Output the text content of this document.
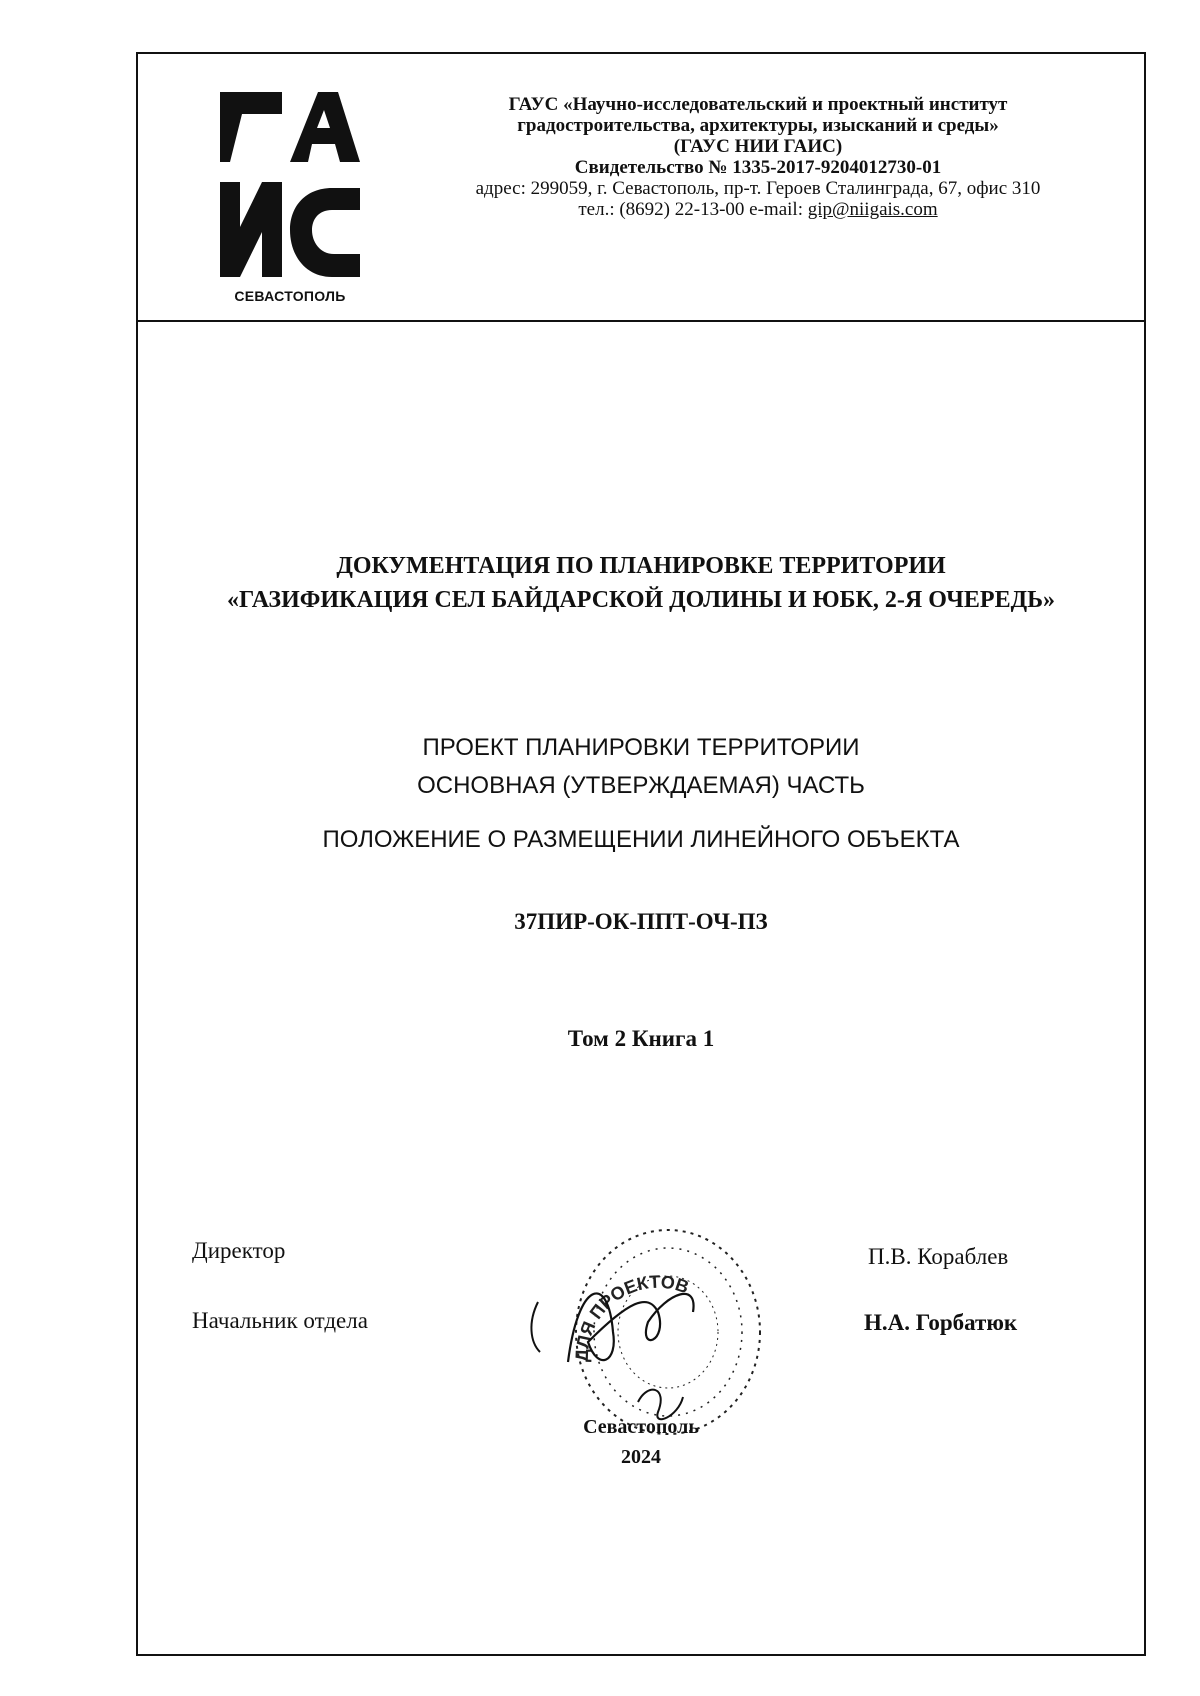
СЕВАСТОПОЛЬ
ГАУС «Научно-исследовательский и проектный институт
градостроительства, архитектуры, изысканий и среды»
(ГАУС НИИ ГАИС)
Свидетельство № 1335-2017-9204012730-01
адрес: 299059, г. Севастополь, пр-т. Героев Сталинграда, 67, офис 310
тел.: (8692) 22-13-00 e-mail: gip@niigais.com
ДОКУМЕНТАЦИЯ ПО ПЛАНИРОВКЕ ТЕРРИТОРИИ
«ГАЗИФИКАЦИЯ СЕЛ БАЙДАРСКОЙ ДОЛИНЫ И ЮБК, 2-Я ОЧЕРЕДЬ»
ПРОЕКТ ПЛАНИРОВКИ ТЕРРИТОРИИ
ОСНОВНАЯ (УТВЕРЖДАЕМАЯ) ЧАСТЬ
ПОЛОЖЕНИЕ О РАЗМЕЩЕНИИ ЛИНЕЙНОГО ОБЪЕКТА
37ПИР-ОК-ППТ-ОЧ-ПЗ
Том 2 Книга 1
Директор	П.В. Кораблев
Начальник отдела	Н.А. Горбатюк
ДЛЯ ПРОЕКТОВ
Севастополь
2024
